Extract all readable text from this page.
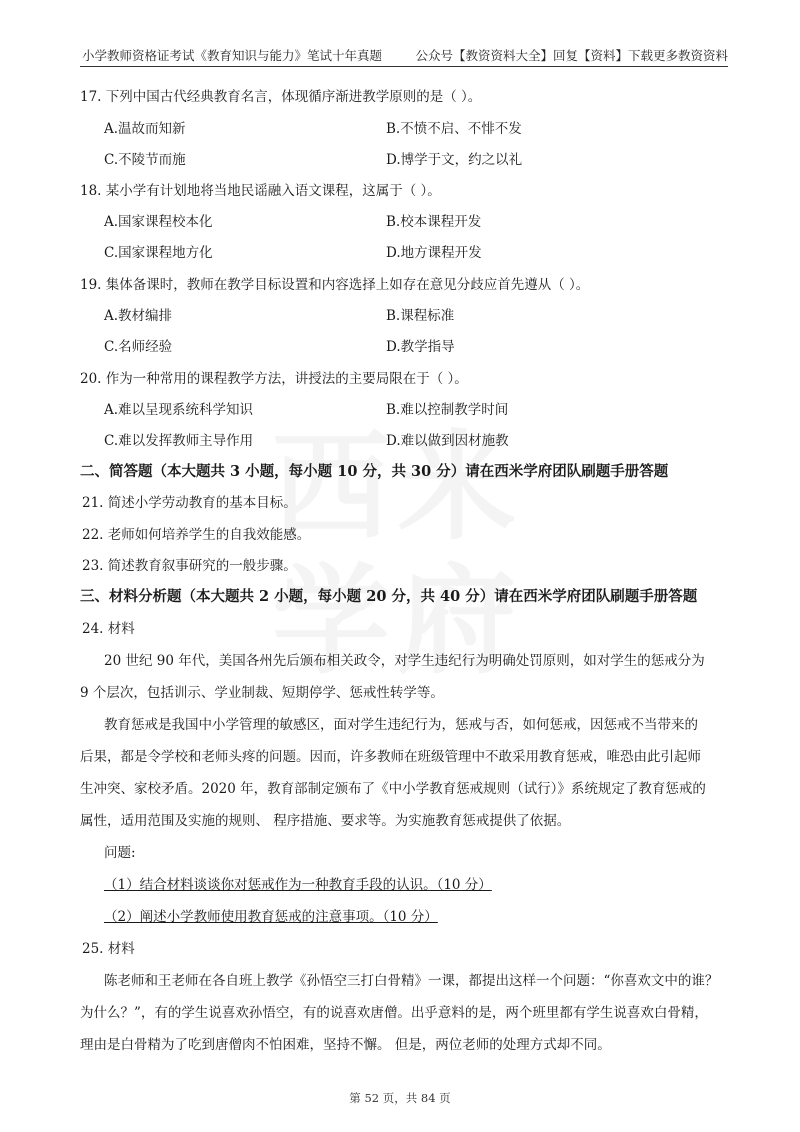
小学教师资格证考试《教育知识与能力》笔试十年真题	公众号【教资资料大全】回复【资料】下载更多教资资料
17. 下列中国古代经典教育名言，体现循序渐进教学原则的是（ ）。
A.温故而知新	B.不愤不启、不悱不发
C.不陵节而施	D.博学于文，约之以礼
18. 某小学有计划地将当地民谣融入语文课程，这属于（ ）。
A.国家课程校本化	B.校本课程开发
C.国家课程地方化	D.地方课程开发
19. 集体备课时，教师在教学目标设置和内容选择上如存在意见分歧应首先遵从（ ）。
A.教材编排	B.课程标准
C.名师经验	D.教学指导
20. 作为一种常用的课程教学方法，讲授法的主要局限在于（ ）。
A.难以呈现系统科学知识	B.难以控制教学时间
C.难以发挥教师主导作用	D.难以做到因材施教
二、简答题（本大题共 3 小题，每小题 10 分，共 30 分）请在西米学府团队刷题手册答题
21. 简述小学劳动教育的基本目标。
22. 老师如何培养学生的自我效能感。
23. 简述教育叙事研究的一般步骤。
三、材料分析题（本大题共 2 小题，每小题 20 分，共 40 分）请在西米学府团队刷题手册答题
24. 材料
20 世纪 90 年代，美国各州先后颁布相关政令，对学生违纪行为明确处罚原则，如对学生的惩戒分为
9 个层次，包括训示、学业制裁、短期停学、惩戒性转学等。
教育惩戒是我国中小学管理的敏感区，面对学生违纪行为，惩戒与否，如何惩戒，因惩戒不当带来的
后果，都是令学校和老师头疼的问题。因而，许多教师在班级管理中不敢采用教育惩戒，唯恐由此引起师
生冲突、家校矛盾。2020 年，教育部制定颁布了《中小学教育惩戒规则（试行）》系统规定了教育惩戒的
属性，适用范围及实施的规则、 程序措施、要求等。为实施教育惩戒提供了依据。
问题:
（1）结合材料谈谈你对惩戒作为一种教育手段的认识。（10 分）
（2）阐述小学教师使用教育惩戒的注意事项。（10 分）
25. 材料
陈老师和王老师在各自班上教学《孙悟空三打白骨精》一课，都提出这样一个问题：“你喜欢文中的谁？
为什么？”，有的学生说喜欢孙悟空，有的说喜欢唐僧。出乎意料的是，两个班里都有学生说喜欢白骨精，
理由是白骨精为了吃到唐僧肉不怕困难，坚持不懈。 但是，两位老师的处理方式却不同。
第 52 页，共 84 页
